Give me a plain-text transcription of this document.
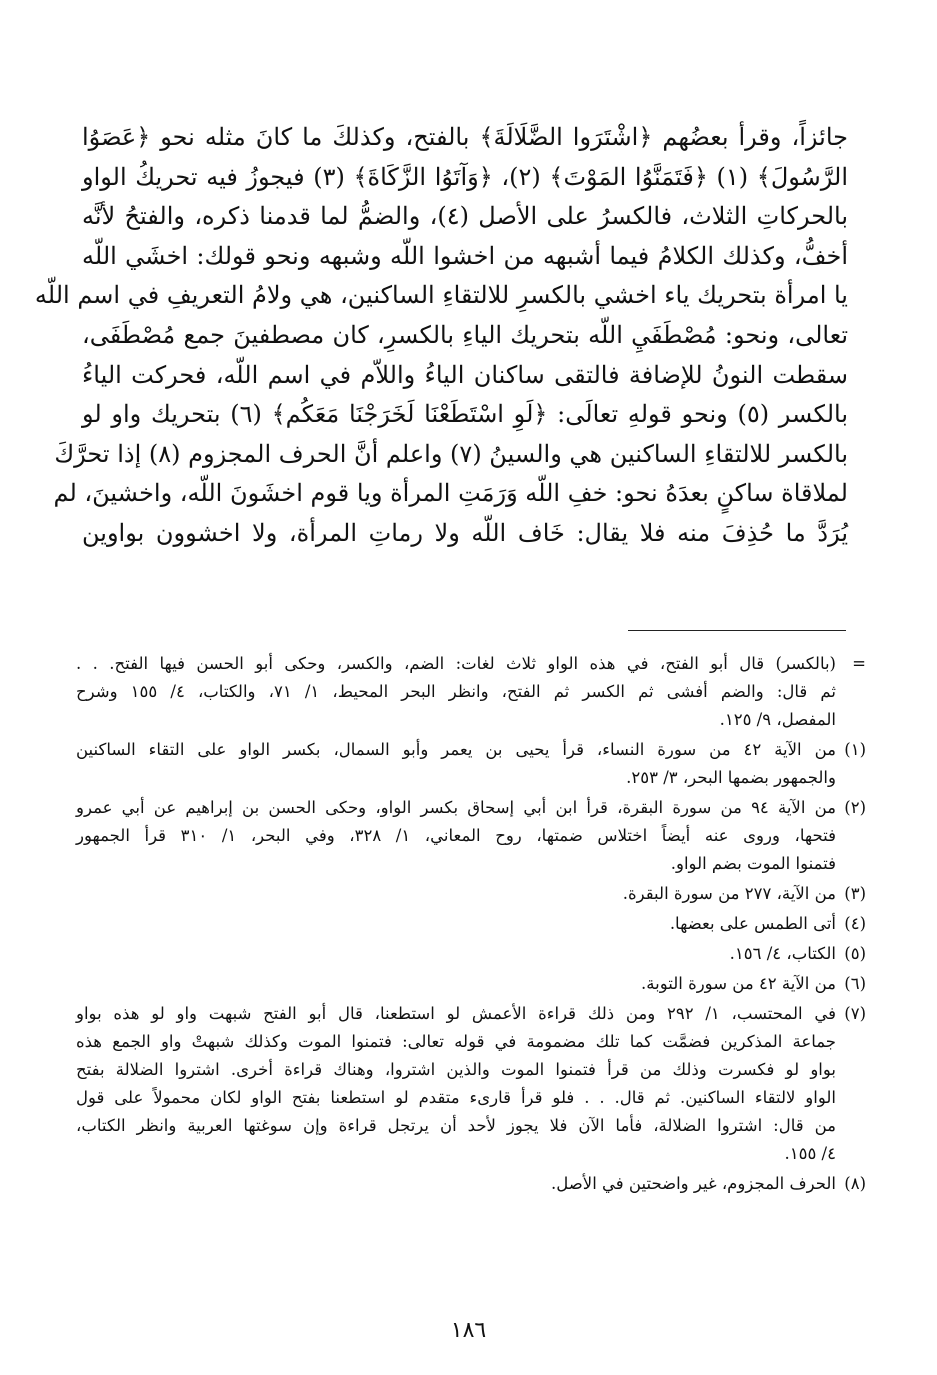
جائزاً، وقرأ بعضُهم ﴿اشْتَرَوا الضَّلَالَةَ﴾ بالفتح، وكذلكَ ما كانَ مثله نحو ﴿عَصَوُا
الرَّسُولَ﴾ (١) ﴿فَتَمَنَّوُا المَوْتَ﴾ (٢)، ﴿وَآتَوُا الزَّكَاةَ﴾ (٣) فيجوزُ فيه تحريكُ الواو
بالحركاتِ الثلاث، فالكسرُ على الأصل (٤)، والضمُّ لما قدمنا ذكره، والفتحُ لأنَّه
أخفُّ، وكذلك الكلامُ فيما أشبهه من اخشوا اللّه وشبهه ونحو قولك: اخشَي اللّه
يا امرأة بتحريك ياء اخشي بالكسرِ للالتقاءِ الساكنين، هي ولامُ التعريفِ في اسم اللّه
تعالى، ونحو: مُصْطَفَيِ اللّه بتحريك الياءِ بالكسرِ، كان مصطفينَ جمع مُصْطَفَى،
سقطت النونُ للإضافة فالتقى ساكنان الياءُ واللاّم في اسم اللّه، فحركت الياءُ
بالكسر (٥) ونحو قولهِ تعالَى: ﴿لَوِ اسْتَطَعْنَا لَخَرَجْنَا مَعَكُم﴾ (٦) بتحريك واو لو
بالكسر للالتقاءِ الساكنين هي والسينُ (٧) واعلم أنَّ الحرف المجزوم (٨) إذا تحرَّكَ
لملاقاة ساكنٍ بعدَهُ نحو: خفِ اللّه وَرَمَتِ المرأة ويا قوم اخشَونَ اللّه، واخشينَ، لم
يُرَدَّ ما حُذِفَ منه فلا يقال: خَاف اللّه ولا رماتِ المرأة، ولا اخشوون بواوين
=
(بالكسر) قال أبو الفتح، في هذه الواو ثلاث لغات: الضم، والكسر، وحكى أبو الحسن فيها الفتح. . .
ثم قال: والضم أفشى ثم الكسر ثم الفتح، وانظر البحر المحيط، ١/ ٧١، والكتاب، ٤/ ١٥٥ وشرح
المفصل، ٩/ ١٢٥.
(١)
من الآية ٤٢ من سورة النساء، قرأ يحيى بن يعمر وأبو السمال، بكسر الواو على التقاء الساكنين
والجمهور بضمها البحر، ٣/ ٢٥٣.
(٢)
من الآية ٩٤ من سورة البقرة، قرأ ابن أبي إسحاق بكسر الواو، وحكى الحسن بن إبراهيم عن أبي عمرو
فتحها، وروى عنه أيضاً اختلاس ضمتها، روح المعاني، ١/ ٣٢٨، وفي البحر، ١/ ٣١٠ قرأ الجمهور
فتمنوا الموت بضم الواو.
(٣)
من الآية، ٢٧٧ من سورة البقرة.
(٤)
أتى الطمس على بعضها.
(٥)
الكتاب، ٤/ ١٥٦.
(٦)
من الآية ٤٢ من سورة التوبة.
(٧)
في المحتسب، ١/ ٢٩٢ ومن ذلك قراءة الأعمش لو استطعنا، قال أبو الفتح شبهت واو لو هذه بواو
جماعة المذكرين فضمَّت كما تلك مضمومة في قوله تعالى: فتمنوا الموت وكذلك شبهتْ واو الجمع هذه
بواو لو فكسرت وذلك من قرأ فتمنوا الموت والذين اشتروا، وهناك قراءة أخرى. اشتروا الضلالة بفتح
الواو لالتقاء الساكنين. ثم قال. . . فلو قرأ قارىء متقدم لو استطعنا بفتح الواو لكان محمولاً على قول
من قال: اشتروا الضلالة، فأما الآن فلا يجوز لأحد أن يرتجل قراءة وإن سوغتها العربية وانظر الكتاب،
٤/ ١٥٥.
(٨)
الحرف المجزوم، غير واضحتين في الأصل.
١٨٦
